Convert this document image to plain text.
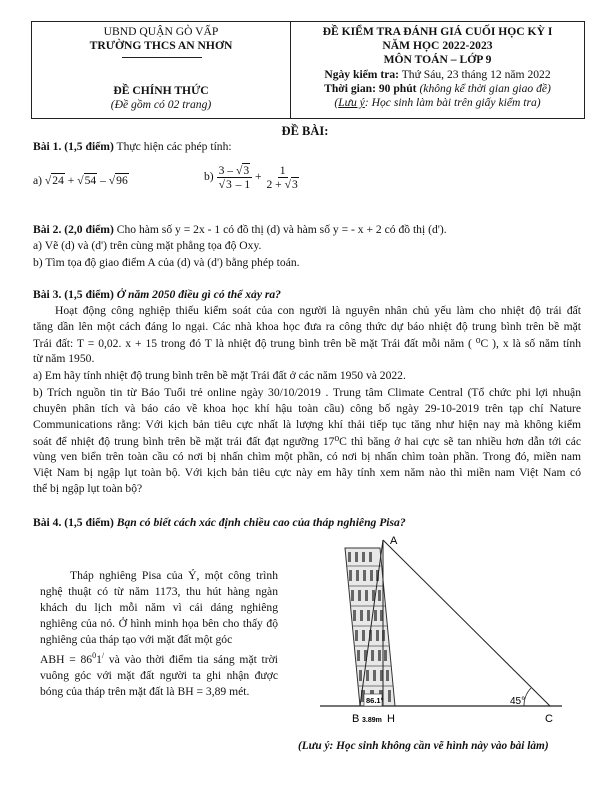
UBND QUẬN GÒ VẤP
TRƯỜNG THCS AN NHƠN
ĐỀ CHÍNH THỨC
(Đề gồm có 02 trang)
ĐỀ KIỂM TRA ĐÁNH GIÁ CUỐI HỌC KỲ I
NĂM HỌC 2022-2023
MÔN TOÁN – LỚP 9
Ngày kiểm tra: Thứ Sáu, 23 tháng 12 năm 2022
Thời gian: 90 phút (không kể thời gian giao đề)
(Lưu ý: Học sinh làm bài trên giấy kiểm tra)
ĐỀ BÀI:
Bài 1. (1,5 điểm) Thực hiện các phép tính:
a) √24 + √54 – √96	$b) \frac{3 - √3}{√3 - 1} + \frac{1}{2 + √3}$
Bài 2. (2,0 điểm) Cho hàm số y = 2x - 1 có đồ thị (d) và hàm số y = - x + 2 có đồ thị (d').
a) Vẽ (d) và (d') trên cùng mặt phẳng tọa độ Oxy.
b) Tìm tọa độ giao điểm A của (d) và (d') bằng phép toán.
Bài 3. (1,5 điểm) Ở năm 2050 điều gì có thể xảy ra?
Hoạt động công nghiệp thiếu kiểm soát của con người là nguyên nhân chủ yếu làm cho nhiệt độ trái đất
tăng dần lên một cách đáng lo ngại. Các nhà khoa học đưa ra công thức dự báo nhiệt độ trung bình trên bề mặt
Trái đất: T = 0,02. x + 15 trong đó T là nhiệt độ trung bình trên bề mặt Trái đất mỗi năm ( ⁰C ), x là số năm tính
từ năm 1950.
a) Em hãy tính nhiệt độ trung bình trên bề mặt Trái đất ở các năm 1950 và 2022.
b) Trích nguồn tin từ Báo Tuổi trẻ online ngày 30/10/2019 . Trung tâm Climate Central (Tổ chức phi lợi nhuận
chuyên phân tích và báo cáo về khoa học khí hậu toàn cầu) công bố ngày 29-10-2019 trên tạp chí Nature
Communications rằng: Với kịch bản tiêu cực nhất là lượng khí thải tiếp tục tăng như hiện nay mà không kiểm
soát để nhiệt độ trung bình trên bề mặt trái đất đạt ngưỡng 17⁰C thì băng ở hai cực sẽ tan nhiều hơn dẫn tới các
vùng ven biển trên toàn cầu có nơi bị nhấn chìm một phần, có nơi bị nhấn chìm toàn phần. Trong đó, miền nam
Việt Nam bị ngập lụt toàn bộ. Với kịch bản tiêu cực này em hãy tính xem năm nào thì miền nam Việt Nam có
thể bị ngập lụt toàn bộ?
Bài 4. (1,5 điểm) Bạn có biết cách xác định chiều cao của tháp nghiêng Pisa?
Tháp nghiêng Pisa của Ý, một công trình nghệ thuật có từ năm 1173, thu hút hàng ngàn khách du lịch mỗi năm vì cái dáng nghiêng nghiêng của nó. Ở hình minh họa bên cho thấy độ nghiêng của tháp tạo với mặt đất một góc
ABH = $86^01^/$ và vào thời điểm tia sáng mặt trời vuông góc với mặt đất người ta ghi nhận được bóng của tháp trên mặt đất là BH = 3,89 mét.
86.1°	45°
A
B 3.89m H	C
(Lưu ý: Học sinh không cần vẽ hình này vào bài làm)
